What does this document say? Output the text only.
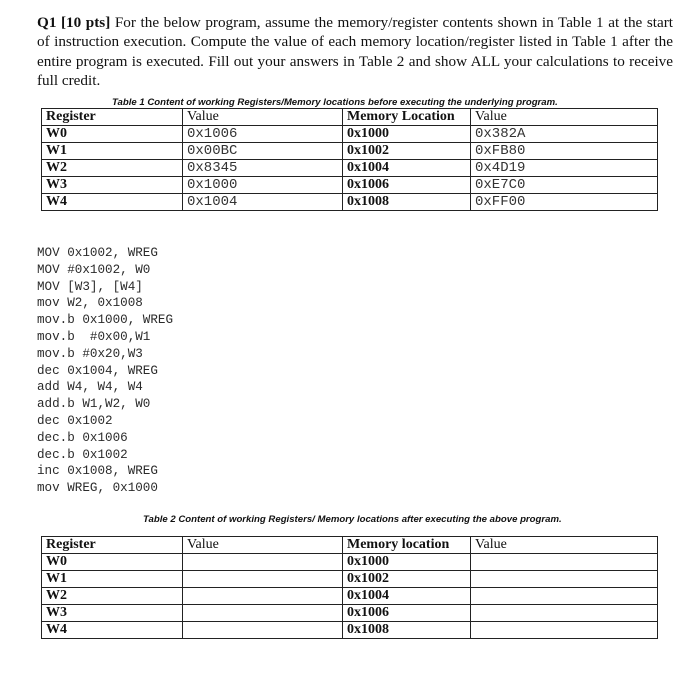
Q1 [10 pts] For the below program, assume the memory/register contents shown in Table 1 at the start of instruction execution. Compute the value of each memory location/register listed in Table 1 after the entire program is executed. Fill out your answers in Table 2 and show ALL your calculations to receive full credit.
Table 1 Content of working Registers/Memory locations before executing the underlying program.
Register	Value	Memory Location	Value
W0	0x1006	0x1000	0x382A
W1	0x00BC	0x1002	0xFB80
W2	0x8345	0x1004	0x4D19
W3	0x1000	0x1006	0xE7C0
W4	0x1004	0x1008	0xFF00
MOV 0x1002, WREG
MOV #0x1002, W0
MOV [W3], [W4]
mov W2, 0x1008
mov.b 0x1000, WREG
mov.b  #0x00,W1
mov.b #0x20,W3
dec 0x1004, WREG
add W4, W4, W4
add.b W1,W2, W0
dec 0x1002
dec.b 0x1006
dec.b 0x1002
inc 0x1008, WREG
mov WREG, 0x1000
Table 2 Content of working Registers/ Memory locations after executing the above program.
Register	Value	Memory location	Value
W0		0x1000	
W1		0x1002	
W2		0x1004	
W3		0x1006	
W4		0x1008	
